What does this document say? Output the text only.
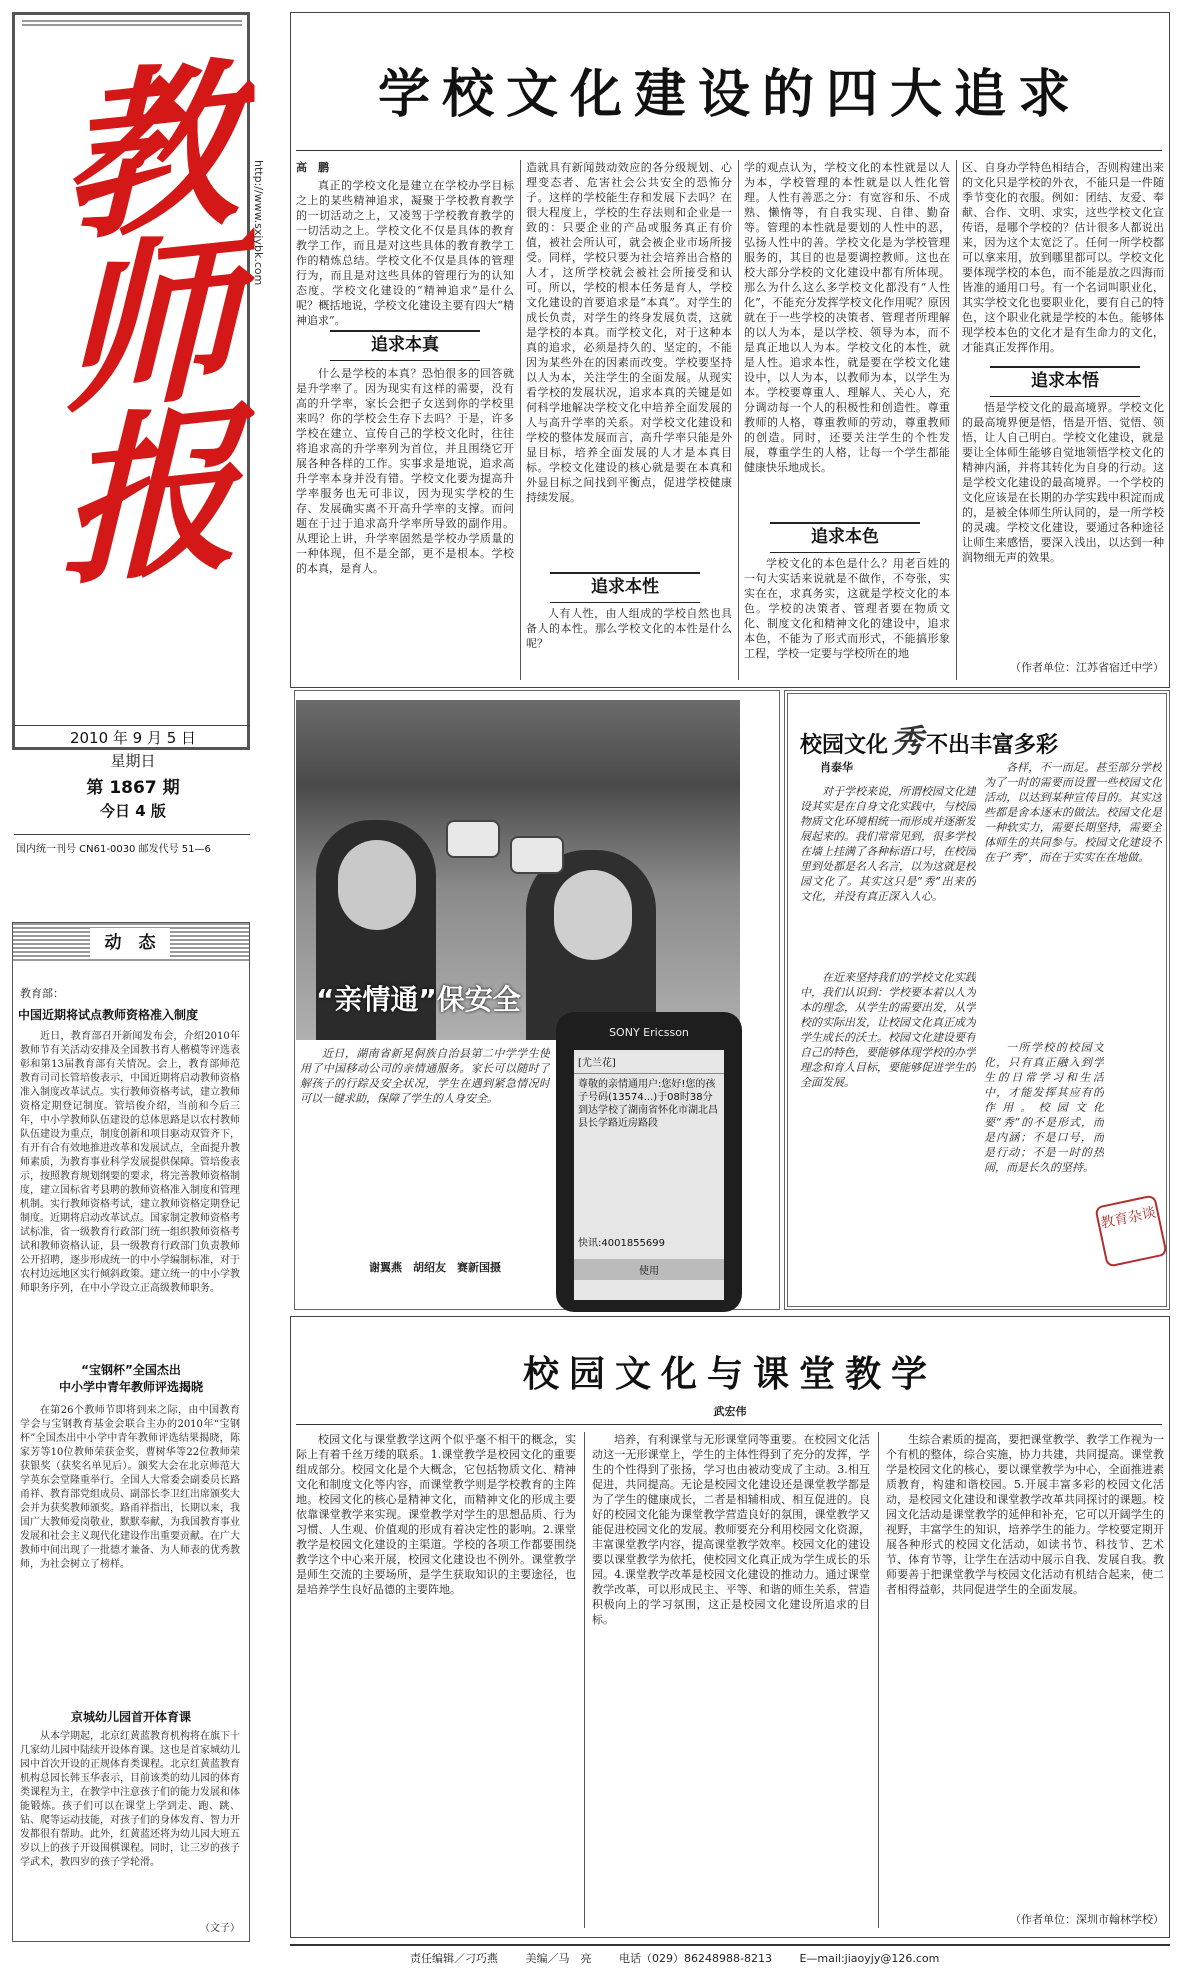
教师报 http://www.sxjybk.com
2010 年 9 月 5 日
星期日
第 1867 期
今日 4 版
国内统一刊号 CN61-0030 邮发代号 51—6
动　态
教育部：
中国近期将试点教师资格准入制度
近日，教育部召开新闻发布会，介绍2010年教师节有关活动安排及全国教书育人楷模等评选表彰和第13届教育部有关情况。会上，教育部师范教育司司长管培俊表示，中国近期将启动教师资格准入制度改革试点。实行教师资格考试，建立教师资格定期登记制度。管培俊介绍，当前和今后三年，中小学教师队伍建设的总体思路是以农村教师队伍建设为重点，制度创新和项目驱动双管齐下，有开有合有效地推进改革和发展试点，全面提升教师素质，为教育事业科学发展提供保障。管培俊表示，按照教育规划纲要的要求，将完善教师资格制度，建立国标省考县聘的教师资格准入制度和管理机制。实行教师资格考试，建立教师资格定期登记制度。近期将启动改革试点。国家制定教师资格考试标准，省一级教育行政部门统一组织教师资格考试和教师资格认证，县一级教育行政部门负责教师公开招聘，逐步形成统一的中小学编制标准，对于农村边远地区实行倾斜政策。建立统一的中小学教师职务序列，在中小学设立正高级教师职务。
“宝钢杯”全国杰出
中小学中青年教师评选揭晓
在第26个教师节即将到来之际，由中国教育学会与宝钢教育基金会联合主办的2010年“宝钢杯”全国杰出中小学中青年教师评选结果揭晓，陈家芳等10位教师荣获金奖，曹树华等22位教师荣获银奖（获奖名单见后）。颁奖大会在北京师范大学英东会堂隆重举行。全国人大常委会副委员长路甬祥、教育部党组成员、副部长李卫红出席颁奖大会并为获奖教师颁奖。路甬祥指出，长期以来，我国广大教师爱岗敬业，默默奉献，为我国教育事业发展和社会主义现代化建设作出重要贡献。在广大教师中间出现了一批德才兼备、为人师表的优秀教师，为社会树立了榜样。
京城幼儿园首开体育课
从本学期起，北京红黄蓝教育机构将在旗下十几家幼儿园中陆续开设体育课。这也是首家城幼儿园中首次开设的正规体育类课程。北京红黄蓝教育机构总园长韩玉华表示，目前该类的幼儿园的体育类课程为主，在教学中注意孩子们的能力发展和体能锻炼。孩子们可以在课堂上学到走、跑、跳、钻、爬等运动技能，对孩子们的身体发育、智力开发都很有帮助。此外，红黄蓝还将为幼儿园大班五岁以上的孩子开设围棋课程。同时，让三岁的孩子学武术，教四岁的孩子学轮滑。
（文子）
学校文化建设的四大追求
高　鹏
真正的学校文化是建立在学校办学目标之上的某些精神追求，凝聚于学校教育教学的一切活动之上，又凌驾于学校教育教学的一切活动之上。学校文化不仅是具体的教育教学工作，而且是对这些具体的教育教学工作的精炼总结。学校文化不仅是具体的管理行为，而且是对这些具体的管理行为的认知态度。学校文化建设的“精神追求”是什么呢？概括地说，学校文化建设主要有四大“精神追求”。
追求本真
什么是学校的本真？恐怕很多的回答就是升学率了。因为现实有这样的需要，没有高的升学率，家长会把子女送到你的学校里来吗？你的学校会生存下去吗？于是，许多学校在建立、宣传自己的学校文化时，往往将追求高的升学率列为首位，并且围绕它开展各种各样的工作。实事求是地说，追求高升学率本身并没有错。学校文化要为提高升学率服务也无可非议，因为现实学校的生存、发展确实离不开高升学率的支撑。而问题在于过于追求高升学率所导致的副作用。从理论上讲，升学率固然是学校办学质量的一种体现，但不是全部，更不是根本。学校的本真，是育人。
造就具有新闻鼓动效应的各分级规划、心理变态者、危害社会公共安全的恐怖分子。这样的学校能生存和发展下去吗？在很大程度上，学校的生存法则和企业是一致的：只要企业的产品或服务真正有价值，被社会所认可，就会被企业市场所接受。同样，学校只要为社会培养出合格的人才，这所学校就会被社会所接受和认可。所以，学校的根本任务是育人，学校文化建设的首要追求是“本真”。对学生的成长负责，对学生的终身发展负责，这就是学校的本真。而学校文化，对于这种本真的追求，必须是持久的、坚定的，不能因为某些外在的因素而改变。学校要坚持以人为本，关注学生的全面发展。从现实看学校的发展状况，追求本真的关键是如何科学地解决学校文化中培养全面发展的人与高升学率的关系。对学校文化建设和学校的整体发展而言，高升学率只能是外显目标，培养全面发展的人才是本真目标。学校文化建设的核心就是要在本真和外显目标之间找到平衡点，促进学校健康持续发展。
追求本性
人有人性，由人组成的学校自然也具备人的本性。那么学校文化的本性是什么呢？
学的观点认为，学校文化的本性就是以人为本，学校管理的本性就是以人性化管理。人性有善恶之分：有宽容和乐、不成熟、懒惰等，有自我实现、自律、勤奋等。管理的本性就是要划的人性中的恶，弘扬人性中的善。学校文化是为学校管理服务的，其目的也是要调控教师。这也在校大部分学校的文化建设中都有所体现。那么为什么这么多学校文化都没有“人性化”，不能充分发挥学校文化作用呢？原因就在于一些学校的决策者、管理者所理解的以人为本，是以学校、领导为本，而不是真正地以人为本。学校文化的本性，就是人性。追求本性，就是要在学校文化建设中，以人为本，以教师为本，以学生为本。学校要尊重人、理解人、关心人，充分调动每一个人的积极性和创造性。尊重教师的人格，尊重教师的劳动，尊重教师的创造。同时，还要关注学生的个性发展，尊重学生的人格，让每一个学生都能健康快乐地成长。
追求本色
学校文化的本色是什么？用老百姓的一句大实话来说就是不做作，不夸张，实实在在，求真务实，这就是学校文化的本色。学校的决策者、管理者要在物质文化、制度文化和精神文化的建设中，追求本色，不能为了形式而形式，不能搞形象工程，学校一定要与学校所在的地
区、自身办学特色相结合，否则构建出来的文化只是学校的外衣，不能只是一件随季节变化的衣服。例如：团结、友爱、奉献、合作、文明、求实，这些学校文化宣传语，是哪个学校的？估计很多人都说出来，因为这个太宽泛了。任何一所学校都可以拿来用，放到哪里都可以。学校文化要体现学校的本色，而不能是放之四海而皆准的通用口号。有一个名词叫职业化，其实学校文化也要职业化，要有自己的特色，这个职业化就是学校的本色。能够体现学校本色的文化才是有生命力的文化，才能真正发挥作用。
追求本悟
悟是学校文化的最高境界。学校文化的最高境界便是悟，悟是开悟、觉悟、领悟，让人自己明白。学校文化建设，就是要让全体师生能够自觉地领悟学校文化的精神内涵，并将其转化为自身的行动。这是学校文化建设的最高境界。一个学校的文化应该是在长期的办学实践中积淀而成的，是被全体师生所认同的，是一所学校的灵魂。学校文化建设，要通过各种途径让师生来感悟，要深入浅出，以达到一种润物细无声的效果。
（作者单位：江苏省宿迁中学）
“亲情通”保安全
SONY Ericsson
[尤兰花]
尊敬的亲情通用户:您好!您的孩子号码(13574...)于08时38分到达学校了湖南省怀化市湖北昌县长学路近房路段
快讯:4001855699
使用
近日，湖南省新晃侗族自治县第二中学学生使用了中国移动公司的亲情通服务。家长可以随时了解孩子的行踪及安全状况，学生在遇到紧急情况时可以一键求助，保障了学生的人身安全。
谢翼燕　胡绍友　赛新国摄
校园文化秀 不出丰富多彩
肖泰华
对于学校来说，所谓校园文化建设其实是在自身文化实践中，与校园物质文化环境相统一而形成并逐渐发展起来的。我们常常见到，很多学校在墙上挂满了各种标语口号，在校园里到处都是名人名言，以为这就是校园文化了。其实这只是“秀”出来的文化，并没有真正深入人心。
在近来坚持我们的学校文化实践中，我们认识到：学校要本着以人为本的理念，从学生的需要出发，从学校的实际出发，让校园文化真正成为学生成长的沃土。校园文化建设要有自己的特色，要能够体现学校的办学理念和育人目标，要能够促进学生的全面发展。
各样，不一而足。甚至部分学校为了一时的需要而设置一些校园文化活动，以达到某种宣传目的。其实这些都是舍本逐末的做法。校园文化是一种软实力，需要长期坚持，需要全体师生的共同参与。校园文化建设不在于“秀”，而在于实实在在地做。
一所学校的校园文化，只有真正融入到学生的日常学习和生活中，才能发挥其应有的作用。校园文化要“秀”的不是形式，而是内涵；不是口号，而是行动；不是一时的热闹，而是长久的坚持。
教育杂谈
校园文化与课堂教学
武宏伟
校园文化与课堂教学这两个似乎毫不相干的概念，实际上有着千丝万缕的联系。1.课堂教学是校园文化的重要组成部分。校园文化是个大概念，它包括物质文化、精神文化和制度文化等内容，而课堂教学则是学校教育的主阵地。校园文化的核心是精神文化，而精神文化的形成主要依靠课堂教学来实现。课堂教学对学生的思想品质、行为习惯、人生观、价值观的形成有着决定性的影响。2.课堂教学是校园文化建设的主渠道。学校的各项工作都要围绕教学这个中心来开展，校园文化建设也不例外。课堂教学是师生交流的主要场所，是学生获取知识的主要途径，也是培养学生良好品德的主要阵地。
培养，有利课堂与无形课堂同等重要。在校园文化活动这一无形课堂上，学生的主体性得到了充分的发挥，学生的个性得到了张扬，学习也由被动变成了主动。3.相互促进，共同提高。无论是校园文化建设还是课堂教学都是为了学生的健康成长，二者是相辅相成、相互促进的。良好的校园文化能为课堂教学营造良好的氛围，课堂教学又能促进校园文化的发展。教师要充分利用校园文化资源，丰富课堂教学内容，提高课堂教学效率。校园文化的建设要以课堂教学为依托，使校园文化真正成为学生成长的乐园。4.课堂教学改革是校园文化建设的推动力。通过课堂教学改革，可以形成民主、平等、和谐的师生关系，营造积极向上的学习氛围，这正是校园文化建设所追求的目标。
生综合素质的提高，要把课堂教学、教学工作视为一个有机的整体，综合实施，协力共建，共同提高。课堂教学是校园文化的核心，要以课堂教学为中心，全面推进素质教育，构建和谐校园。5.开展丰富多彩的校园文化活动，是校园文化建设和课堂教学改革共同探讨的课题。校园文化活动是课堂教学的延伸和补充，它可以开阔学生的视野，丰富学生的知识，培养学生的能力。学校要定期开展各种形式的校园文化活动，如读书节、科技节、艺术节、体育节等，让学生在活动中展示自我、发展自我。教师要善于把课堂教学与校园文化活动有机结合起来，使二者相得益彰，共同促进学生的全面发展。
（作者单位：深圳市翰林学校）
责任编辑／刁巧燕	美编／马　亮	电话（029）86248988-8213	E—mail:jiaoyjy@126.com
